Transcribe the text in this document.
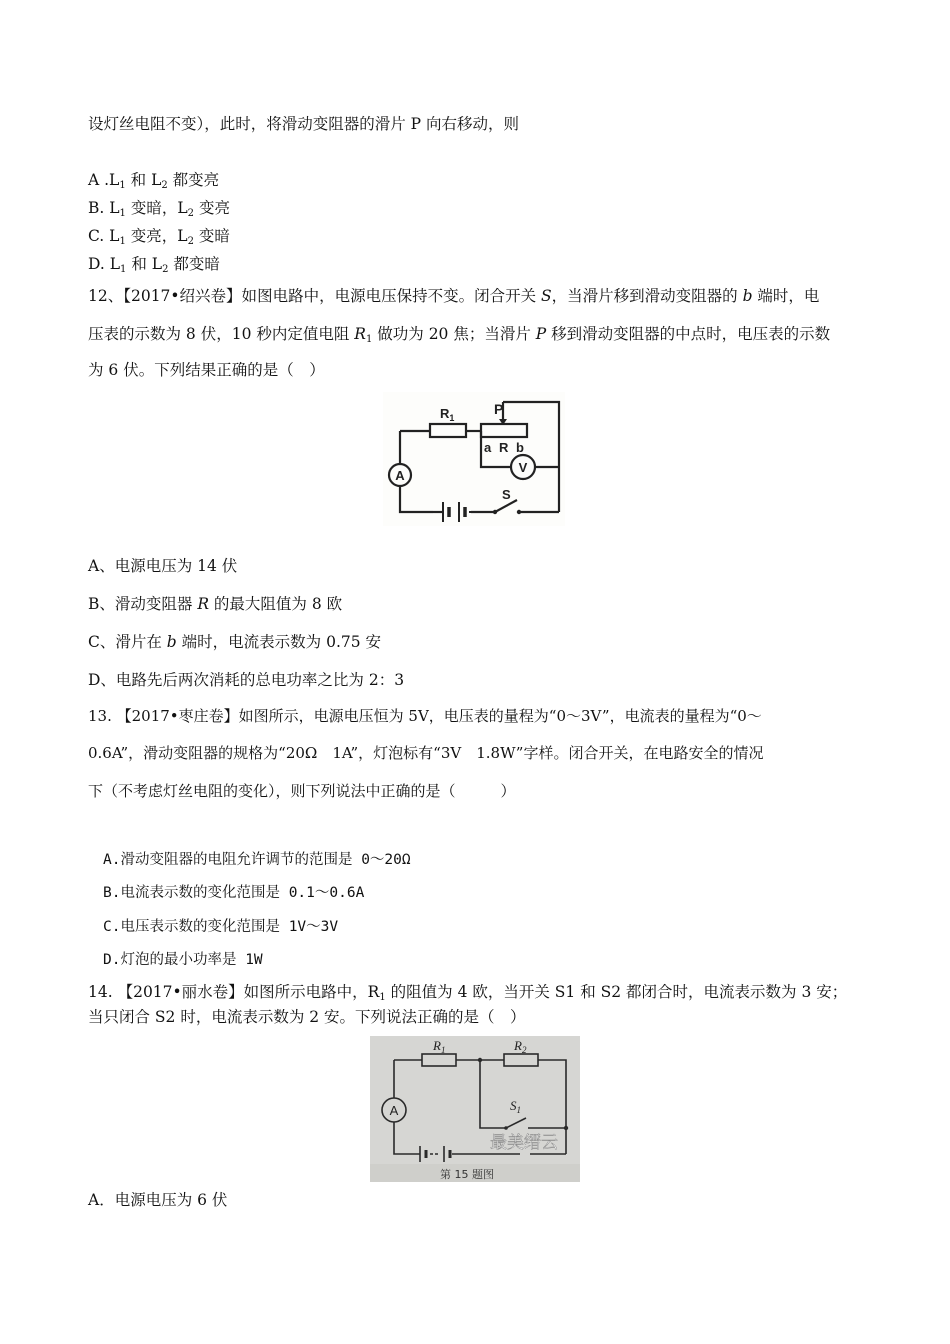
设灯丝电阻不变），此时，将滑动变阻器的滑片 P 向右移动，则
A $.L_1$ 和 $L_2$ 都变亮
B. $L_1$ 变暗，$L_2$ 变亮
C. $L_1$ 变亮，$L_2$ 变暗
D. $L_1$ 和 $L_2$ 都变暗
12、【2017•绍兴卷】如图电路中，电源电压保持不变。闭合开关 S，当滑片移到滑动变阻器的 b 端时，电
压表的示数为 8 伏，10 秒内定值电阻 $R_1$ 做功为 20 焦；当滑片 P 移到滑动变阻器的中点时，电压表的示数
为 6 伏。下列结果正确的是（　）
A
V
$R_1$
P
a R b
S
A、电源电压为 14 伏
B、滑动变阻器 R 的最大阻值为 8 欧
C、滑片在 b 端时，电流表示数为 0.75 安
D、电路先后两次消耗的总电功率之比为 2：3
13. 【2017•枣庄卷】如图所示，电源电压恒为 5V，电压表的量程为“0～3V”，电流表的量程为“0～
0.6A”，滑动变阻器的规格为“20Ω　1A”，灯泡标有“3V　1.8W”字样。闭合开关，在电路安全的情况
下（不考虑灯丝电阻的变化），则下列说法中正确的是（　　　）
A.滑动变阻器的电阻允许调节的范围是 0～20Ω
B.电流表示数的变化范围是 0.1～0.6A
C.电压表示数的变化范围是 1V～3V
D.灯泡的最小功率是 1W
14. 【2017•丽水卷】如图所示电路中，$R_1$ 的阻值为 4 欧，当开关 S1 和 S2 都闭合时，电流表示数为 3 安；
当只闭合 S2 时，电流表示数为 2 安。下列说法正确的是（　）
A
$R_1$	$R_2$
$S_1$
最美缙云
第 15 题图
A．电源电压为 6 伏
